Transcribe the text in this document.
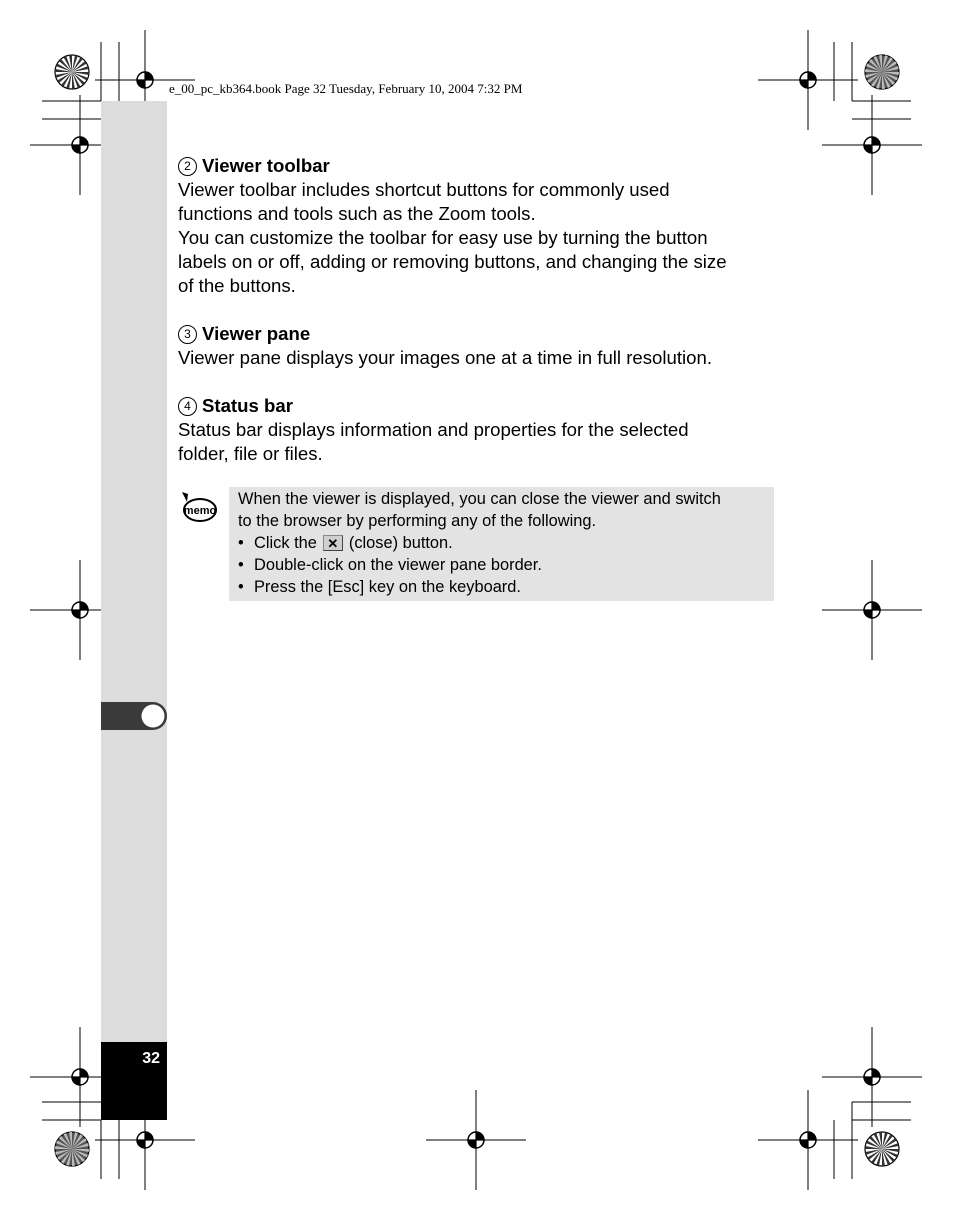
32
e_00_pc_kb364.book Page 32 Tuesday, February 10, 2004 7:32 PM
2 Viewer toolbar
Viewer toolbar includes shortcut buttons for commonly used
functions and tools such as the Zoom tools.
You can customize the toolbar for easy use by turning the button
labels on or off, adding or removing buttons, and changing the size
of the buttons.
3 Viewer pane
Viewer pane displays your images one at a time in full resolution.
4 Status bar
Status bar displays information and properties for the selected
folder, file or files.
memo
When the viewer is displayed, you can close the viewer and switch
to the browser by performing any of the following.
• Click the ✕ (close) button.
• Double-click on the viewer pane border.
• Press the [Esc] key on the keyboard.
